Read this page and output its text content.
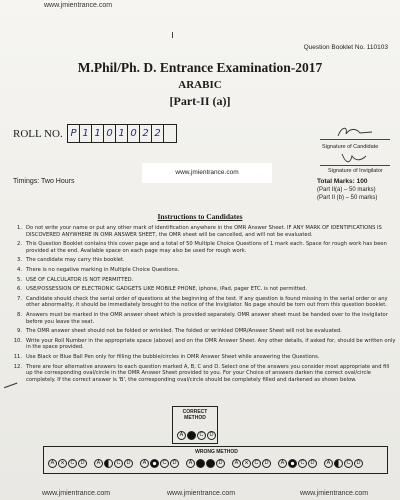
www.jmientrance.com
Question Booklet No. 110103
M.Phil/Ph. D. Entrance Examination-2017
ARABIC
[Part-II (a)]
ROLL NO. P 1 1 0 1 0 2 2
Signature of Candidate
Signature of Invigilator
www.jmientrance.com
Timings: Two Hours	Total Marks: 100
(Part II(a) – 50 marks)
(Part II (b) – 50 marks)
Instructions to Candidates
1. Do not write your name or put any other mark of identification anywhere in the OMR Answer Sheet. IF ANY MARK OF IDENTIFICATIONS IS DISCOVERED ANYWHERE IN OMR ANSWER SHEET, the OMR sheet will be cancelled, and will not be evaluated.
2. This Question Booklet contains this cover page and a total of 50 Multiple Choice Questions of 1 mark each. Space for rough work has been provided at the end. Available space on each page may also be used for rough work.
3. The candidate may carry this booklet.
4. There is no negative marking in Multiple Choice Questions.
5. USE OF CALCULATOR IS NOT PERMITTED.
6. USE/POSSESSION OF ELECTRONIC GADGETS LIKE MOBILE PHONE, iphone, iPad, pager ETC. is not permitted.
7. Candidate should check the serial order of questions at the beginning of the test. If any question is found missing in the serial order or any other abnormality, it should be immediately brought to the notice of the Invigilator. No page should be torn out from this question booklet.
8. Answers must be marked in the OMR answer sheet which is provided separately. OMR answer sheet must be handed over to the invigilator before you leave the seat.
9. The OMR answer sheet should not be folded or wrinkled. The folded or wrinkled OMR/Answer Sheet will not be evaluated.
10. Write your Roll Number in the appropriate space (above) and on the OMR Answer Sheet. Any other details, if asked for, should be written only in the space provided.
11. Use Black or Blue Ball Pen only for filling the bubble/circles in OMR Answer Sheet while answering the Questions.
12. There are four alternative answers to each question marked A, B, C and D. Select one of the answers you consider most appropriate and fill up the corresponding oval/circle in the OMR Answer Sheet provided to you. For your Choice of answers darken the correct oval/circle completely. If the correct answer is 'B', the corresponding oval/circle should be completely filled and darkened as shown below.
CORRECT METHOD
A	C	D
WRONG METHOD
A ×	C	D	A	C	D	A	C	D	A	C	D	A ×	C	D	A	C	D	A	C	D
www.jmientrance.com	www.jmientrance.com	www.jmientrance.com
